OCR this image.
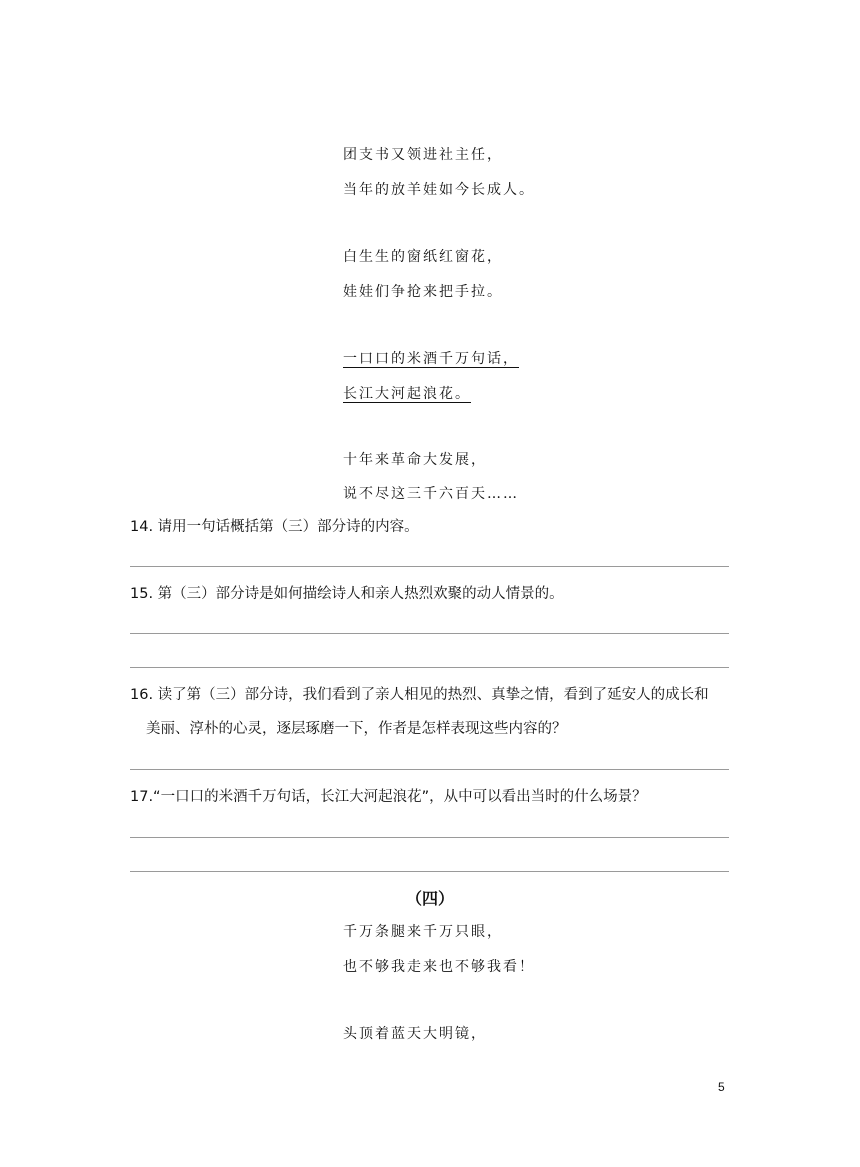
团支书又领进社主任，
当年的放羊娃如今长成人。
白生生的窗纸红窗花，
娃娃们争抢来把手拉。
一口口的米酒千万句话，
长江大河起浪花。
十年来革命大发展，
说不尽这三千六百天……
14. 请用一句话概括第（三）部分诗的内容。
15. 第（三）部分诗是如何描绘诗人和亲人热烈欢聚的动人情景的。
16. 读了第（三）部分诗，我们看到了亲人相见的热烈、真挚之情，看到了延安人的成长和
美丽、淳朴的心灵，逐层琢磨一下，作者是怎样表现这些内容的？
17.“一口口的米酒千万句话，长江大河起浪花”，从中可以看出当时的什么场景？
（四）
千万条腿来千万只眼，
也不够我走来也不够我看！
头顶着蓝天大明镜，
5
